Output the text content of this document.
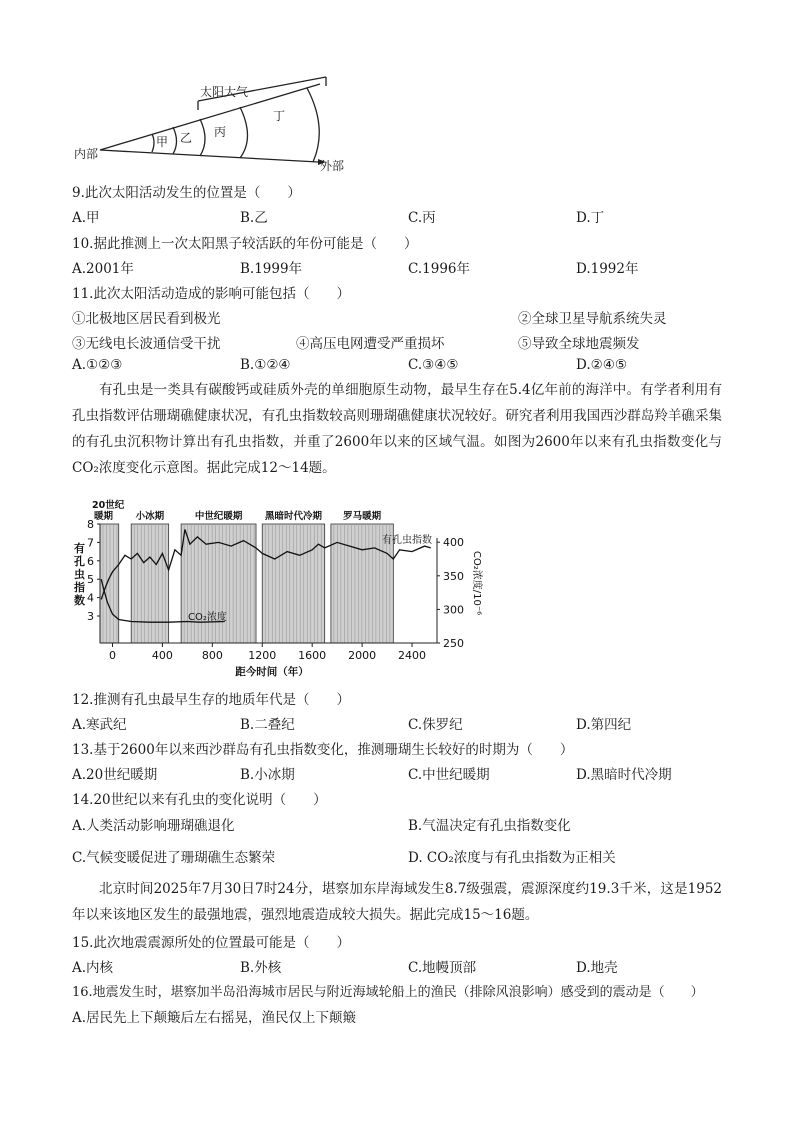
太阳大气
内部
外部
甲 乙 丙
丁
9.此次太阳活动发生的位置是（　　）
A.甲	B.乙	C.丙	D.丁
10.据此推测上一次太阳黑子较活跃的年份可能是（　　）
A.2001年	B.1999年	C.1996年	D.1992年
11.此次太阳活动造成的影响可能包括（　　）
①北极地区居民看到极光	②全球卫星导航系统失灵
③无线电长波通信受干扰	④高压电网遭受严重损坏	⑤导致全球地震频发
A.①②③	B.①②④	C.③④⑤	D.②④⑤
有孔虫是一类具有碳酸钙或硅质外壳的单细胞原生动物，最早生存在5.4亿年前的海洋中。有学者利用有孔虫指数评估珊瑚礁健康状况，有孔虫指数较高则珊瑚礁健康状况较好。研究者利用我国西沙群岛羚羊礁采集的有孔虫沉积物计算出有孔虫指数，并重了2600年以来的区域气温。如图为2600年以来有孔虫指数变化与CO₂浓度变化示意图。据此完成12～14题。
20世纪
暖期 小冰期	中世纪暖期 黑暗时代冷期 罗马暖期
0	400	800 1200 1600 2000 2400
距今时间（年）
3
4
5
6
7
8
有
孔
虫
指
数
250
300
350
400
CO₂浓度/10⁻⁶
有孔虫指数
CO₂浓度
12.推测有孔虫最早生存的地质年代是（　　）
A.寒武纪	B.二叠纪	C.侏罗纪	D.第四纪
13.基于2600年以来西沙群岛有孔虫指数变化，推测珊瑚生长较好的时期为（　　）
A.20世纪暖期	B.小冰期	C.中世纪暖期	D.黑暗时代冷期
14.20世纪以来有孔虫的变化说明（　　）
A.人类活动影响珊瑚礁退化	B.气温决定有孔虫指数变化
C.气候变暖促进了珊瑚礁生态繁荣	D. CO₂浓度与有孔虫指数为正相关
北京时间2025年7月30日7时24分，堪察加东岸海域发生8.7级强震，震源深度约19.3千米，这是1952年以来该地区发生的最强地震，强烈地震造成较大损失。据此完成15～16题。
15.此次地震震源所处的位置最可能是（　　）
A.内核	B.外核	C.地幔顶部	D.地壳
16.地震发生时，堪察加半岛沿海城市居民与附近海域轮船上的渔民（排除风浪影响）感受到的震动是（　　）
A.居民先上下颠簸后左右摇晃，渔民仅上下颠簸
